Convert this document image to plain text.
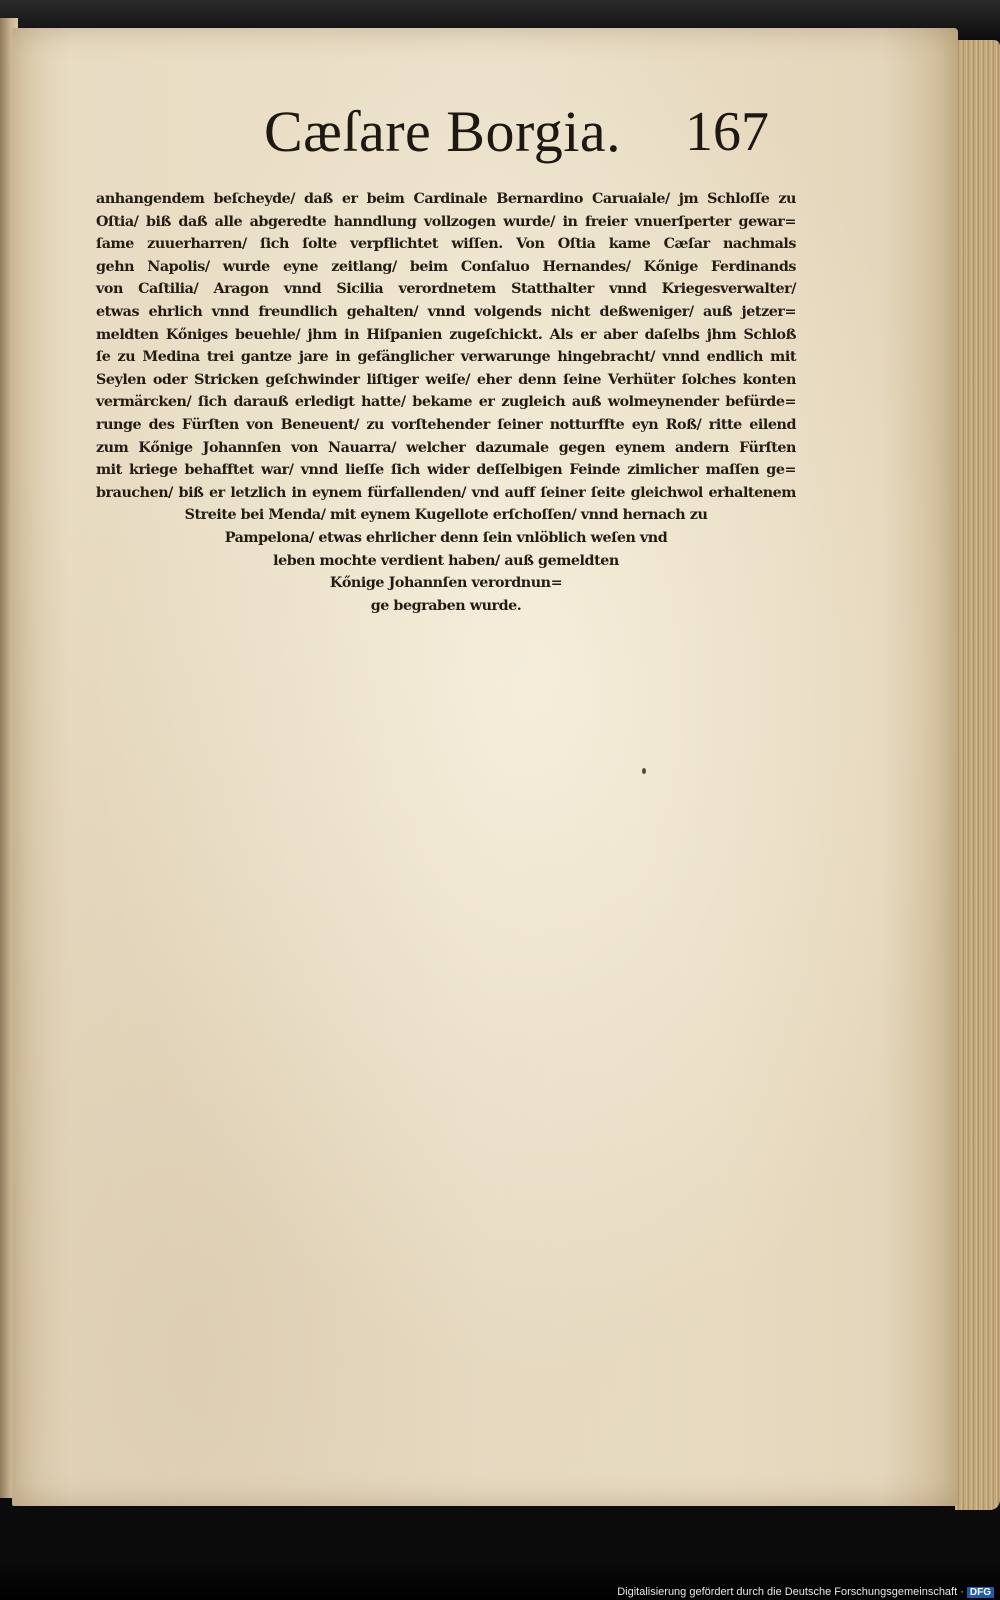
Cæſare Borgia. 167
anhangendem beſcheyde/ daß er beim Cardinale Bernardino Caruaiale/ jm Schloſſe zu
Oſtia/ biß daß alle abgeredte hanndlung vollzogen wurde/ in freier vnuerſperter gewar=
ſame zuuerharren/ ſich ſolte verpflichtet wiſſen. Von Oſtia kame Cæſar nachmals
gehn Napolis/ wurde eyne zeitlang/ beim Conſaluo Hernandes/ Kőnige Ferdinands
von Caſtilia/ Aragon vnnd Sicilia verordnetem Statthalter vnnd Kriegesverwalter/
etwas ehrlich vnnd freundlich gehalten/ vnnd volgends nicht deßweniger/ auß jetzer=
meldten Kőniges beuehle/ jhm in Hiſpanien zugeſchickt. Als er aber daſelbs jhm Schloß
ſe zu Medina trei gantze jare in gefänglicher verwarunge hingebracht/ vnnd endlich mit
Seylen oder Stricken geſchwinder liſtiger weiſe/ eher denn ſeine Verhüter ſolches konten
vermärcken/ ſich darauß erledigt hatte/ bekame er zugleich auß wolmeynender befürde=
runge des Fürſten von Beneuent/ zu vorſtehender ſeiner notturffte eyn Roß/ ritte eilend
zum Kőnige Johannſen von Nauarra/ welcher dazumale gegen eynem andern Fürſten
mit kriege behafftet war/ vnnd lieſſe ſich wider deſſelbigen Feinde zimlicher maſſen ge=
brauchen/ biß er letzlich in eynem fürfallenden/ vnd auff ſeiner ſeite gleichwol erhaltenem
Streite bei Menda/ mit eynem Kugellote erſchoſſen/ vnnd hernach zu
Pampelona/ etwas ehrlicher denn ſein vnlöblich weſen vnd
leben mochte verdient haben/ auß gemeldten
Kőnige Johannſen verordnun=
ge begraben wurde.
Digitalisierung gefördert durch die Deutsche Forschungsgemeinschaft · DFG
